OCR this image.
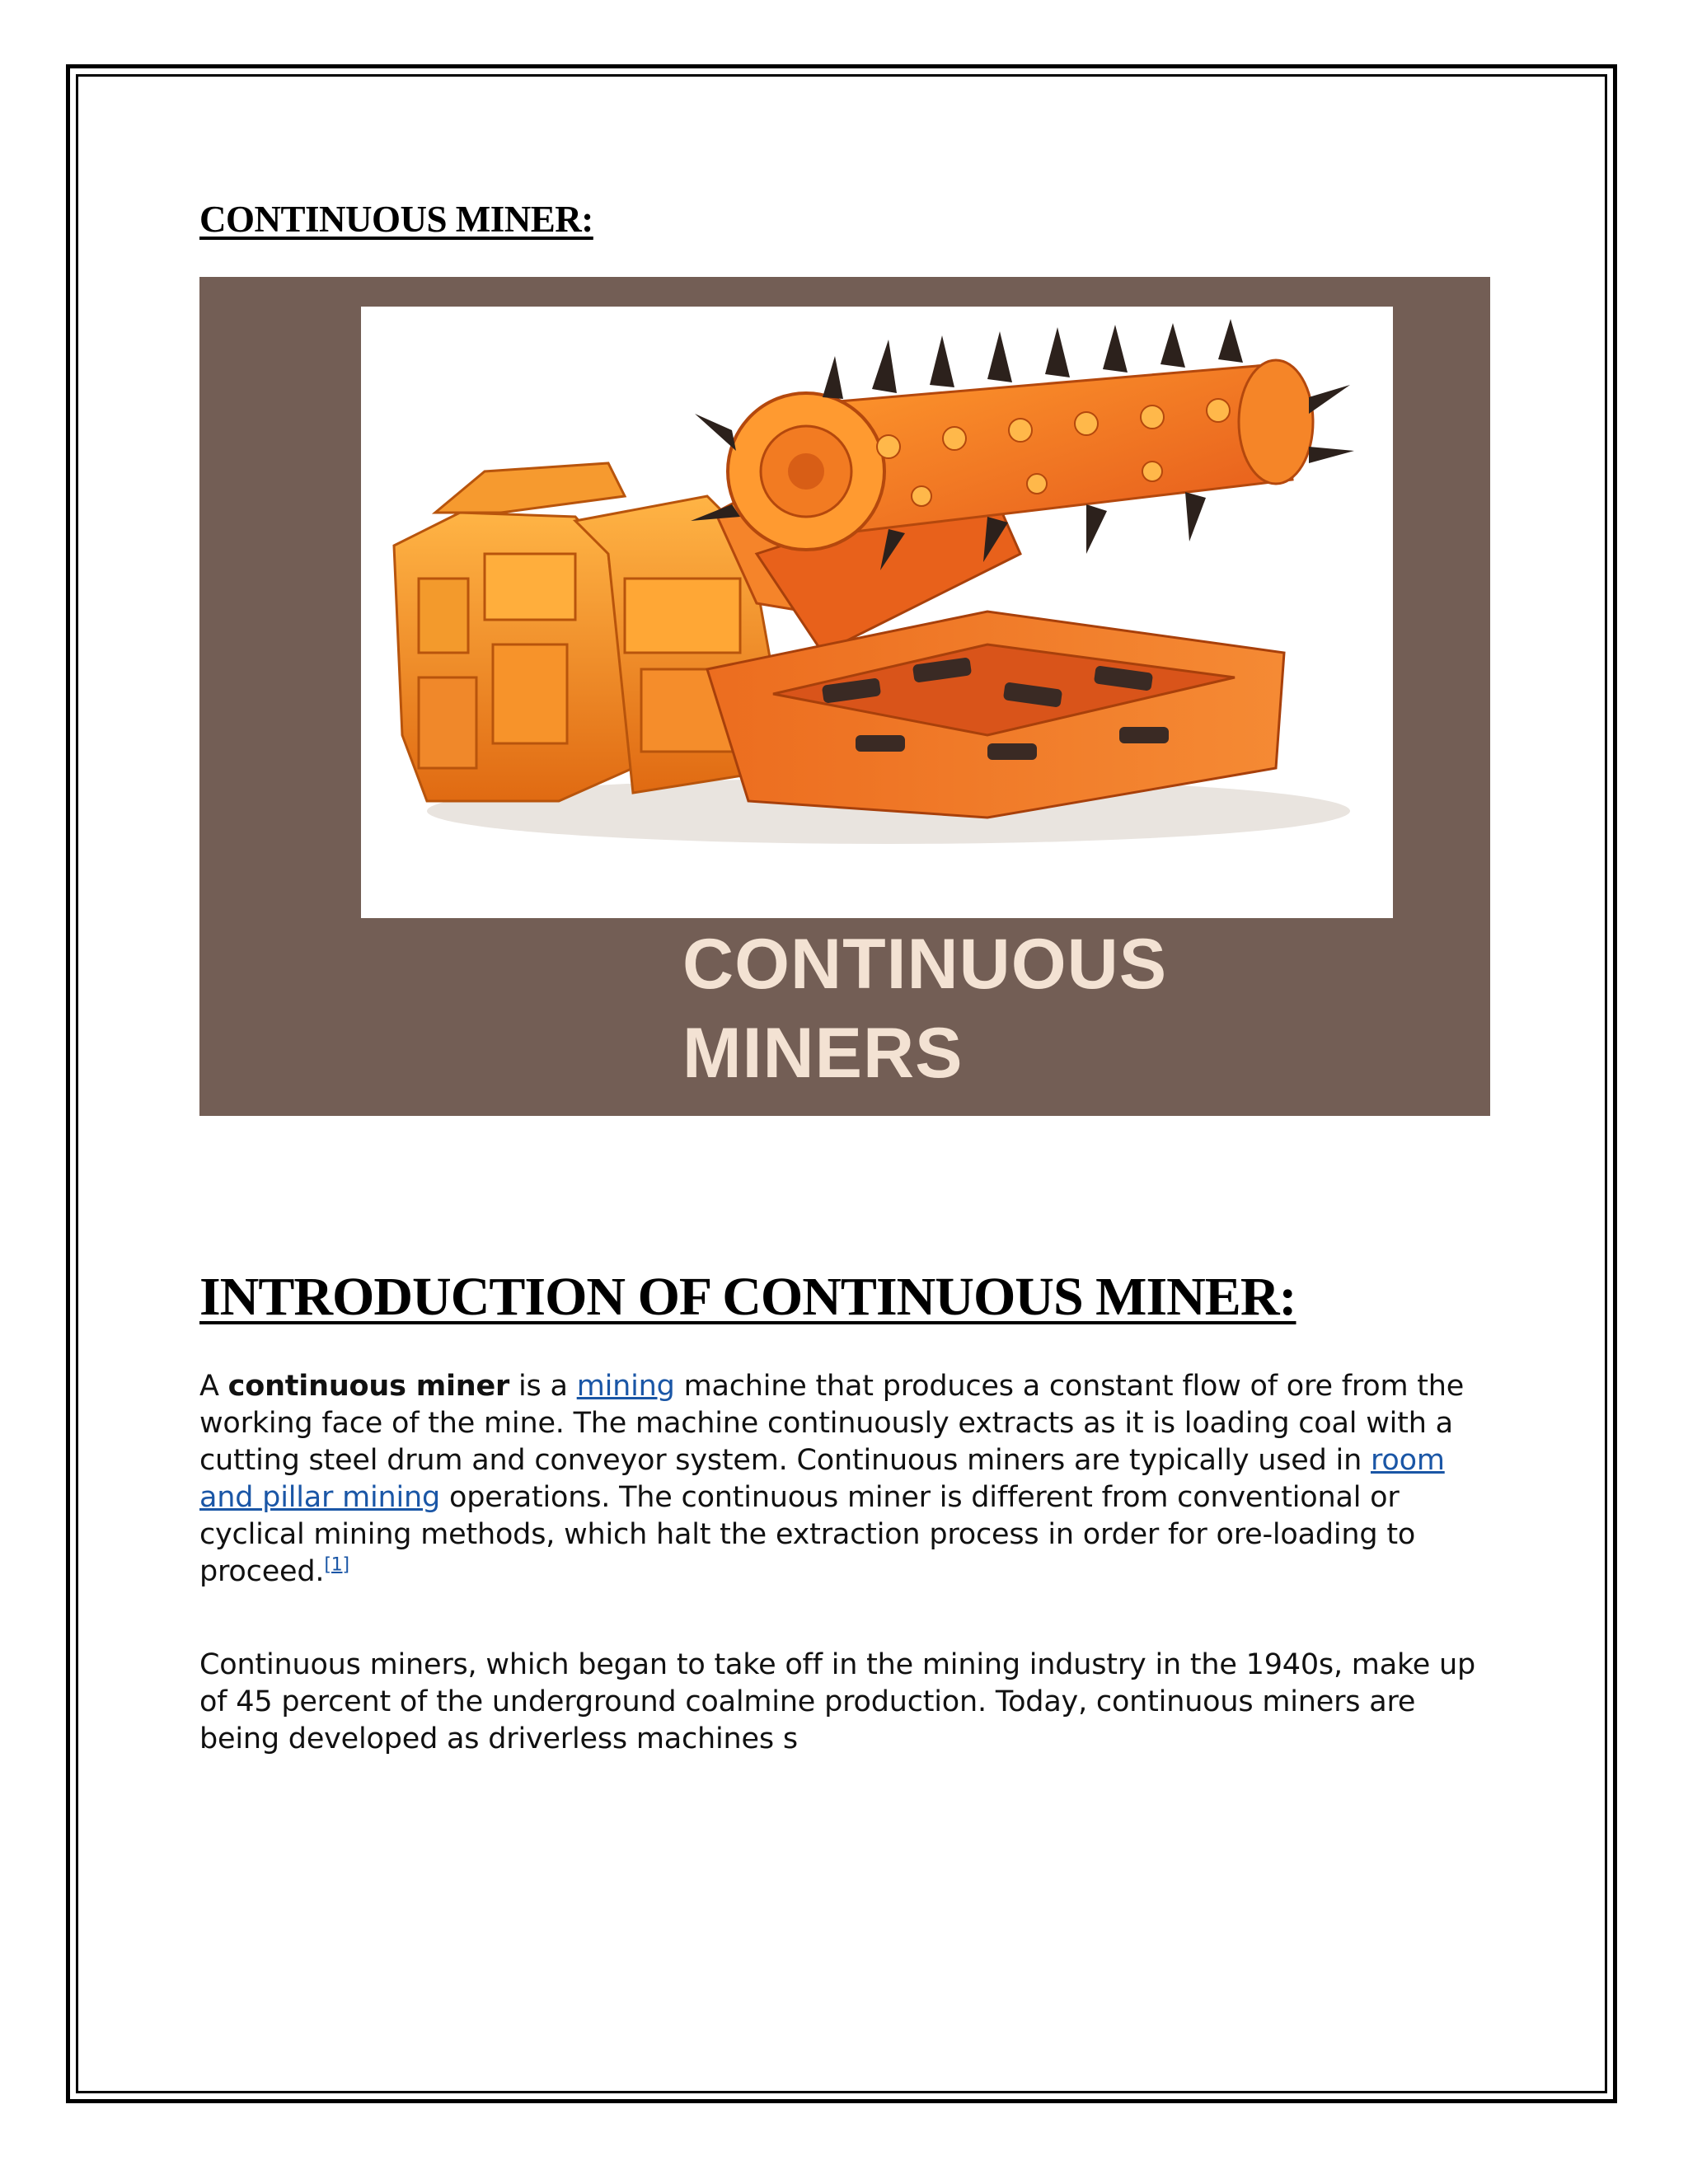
CONTINUOUS MINER:

CONTINUOUS
MINERS

INTRODUCTION OF CONTINUOUS MINER:

A continuous miner is a mining machine that produces a constant flow of ore from the working face of the mine. The machine continuously extracts as it is loading coal with a cutting steel drum and conveyor system. Continuous miners are typically used in room and pillar mining operations. The continuous miner is different from conventional or cyclical mining methods, which halt the extraction process in order for ore-loading to proceed.[1]

Continuous miners, which began to take off in the mining industry in the 1940s, make up of 45 percent of the underground coalmine production. Today, continuous miners are being developed as driverless machines s
